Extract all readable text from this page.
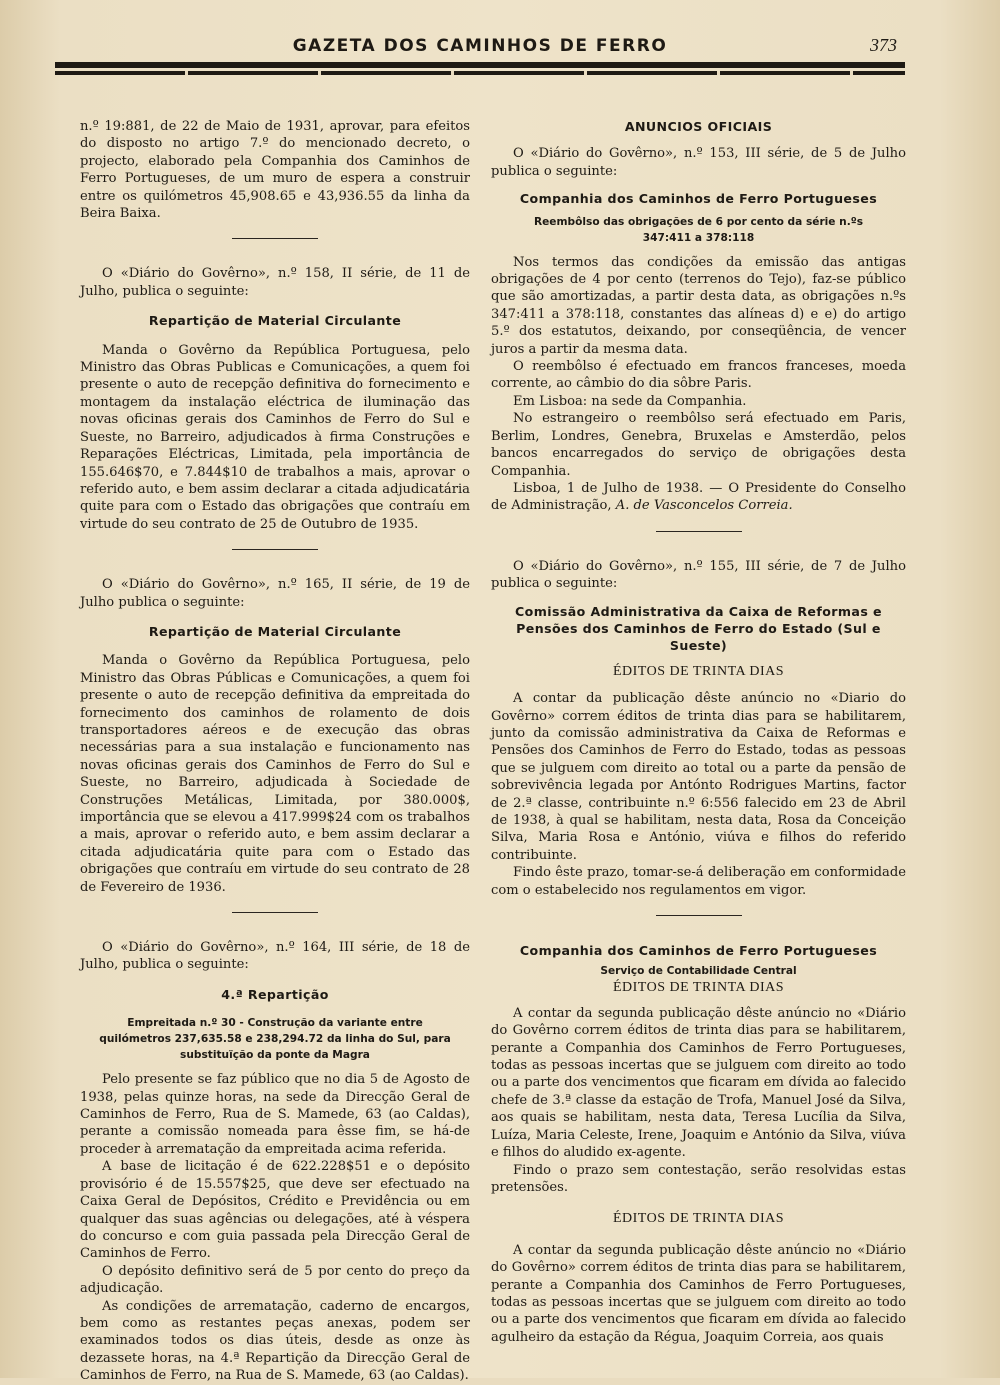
GAZETA DOS CAMINHOS DE FERRO	373

n.º 19:881, de 22 de Maio de 1931, aprovar, para efeitos do disposto no artigo 7.º do mencionado decreto, o projecto, elaborado pela Companhia dos Caminhos de Ferro Portugueses, de um muro de espera a construir entre os quilómetros 45,908.65 e 43,936.55 da linha da Beira Baixa.

O «Diário do Govêrno», n.º 158, II série, de 11 de Julho, publica o seguinte:

Repartição de Material Circulante

Manda o Govêrno da República Portuguesa, pelo Ministro das Obras Publicas e Comunicações, a quem foi presente o auto de recepção definitiva do fornecimento e montagem da instalação eléctrica de iluminação das novas oficinas gerais dos Caminhos de Ferro do Sul e Sueste, no Barreiro, adjudicados à firma Construções e Reparações Eléctricas, Limitada, pela importância de 155.646$70, e 7.844$10 de trabalhos a mais, aprovar o referido auto, e bem assim declarar a citada adjudicatária quite para com o Estado das obrigações que contraíu em virtude do seu contrato de 25 de Outubro de 1935.

O «Diário do Govêrno», n.º 165, II série, de 19 de Julho publica o seguinte:

Repartição de Material Circulante

Manda o Govêrno da República Portuguesa, pelo Ministro das Obras Públicas e Comunicações, a quem foi presente o auto de recepção definitiva da empreitada do fornecimento dos caminhos de rolamento de dois transportadores aéreos e de execução das obras necessárias para a sua instalação e funcionamento nas novas oficinas gerais dos Caminhos de Ferro do Sul e Sueste, no Barreiro, adjudicada à Sociedade de Construções Metálicas, Limitada, por 380.000$, importância que se elevou a 417.999$24 com os trabalhos a mais, aprovar o referido auto, e bem assim declarar a citada adjudicatária quite para com o Estado das obrigações que contraíu em virtude do seu contrato de 28 de Fevereiro de 1936.

O «Diário do Govêrno», n.º 164, III série, de 18 de Julho, publica o seguinte:

4.ª Repartição
Empreitada n.º 30 - Construção da variante entre quilómetros 237,635.58 e 238,294.72 da linha do Sul, para substituïção da ponte da Magra

Pelo presente se faz público que no dia 5 de Agosto de 1938, pelas quinze horas, na sede da Direcção Geral de Caminhos de Ferro, Rua de S. Mamede, 63 (ao Caldas), perante a comissão nomeada para êsse fim, se há-de proceder à arrematação da empreitada acima referida.

A base de licitação é de 622.228$51 e o depósito provisório é de 15.557$25, que deve ser efectuado na Caixa Geral de Depósitos, Crédito e Previdência ou em qualquer das suas agências ou delegações, até à véspera do concurso e com guia passada pela Direcção Geral de Caminhos de Ferro.

O depósito definitivo será de 5 por cento do preço da adjudicação.

As condições de arrematação, caderno de encargos, bem como as restantes peças anexas, podem ser examinados todos os dias úteis, desde as onze às dezassete horas, na 4.ª Repartição da Direcção Geral de Caminhos de Ferro, na Rua de S. Mamede, 63 (ao Caldas).

ANUNCIOS OFICIAIS

O «Diário do Govêrno», n.º 153, III série, de 5 de Julho publica o seguinte:

Companhia dos Caminhos de Ferro Portugueses
Reembôlso das obrigações de 6 por cento da série n.ºs 347:411 a 378:118

Nos termos das condições da emissão das antigas obrigações de 4 por cento (terrenos do Tejo), faz-se público que são amortizadas, a partir desta data, as obrigações n.ºs 347:411 a 378:118, constantes das alíneas d) e e) do artigo 5.º dos estatutos, deixando, por conseqüência, de vencer juros a partir da mesma data.

O reembôlso é efectuado em francos franceses, moeda corrente, ao câmbio do dia sôbre Paris.

Em Lisboa: na sede da Companhia.

No estrangeiro o reembôlso será efectuado em Paris, Berlim, Londres, Genebra, Bruxelas e Amsterdão, pelos bancos encarregados do serviço de obrigações desta Companhia.

Lisboa, 1 de Julho de 1938. — O Presidente do Conselho de Administração, A. de Vasconcelos Correia.

O «Diário do Govêrno», n.º 155, III série, de 7 de Julho publica o seguinte:

Comissão Administrativa da Caixa de Reformas e Pensões dos Caminhos de Ferro do Estado (Sul e Sueste)
ÉDITOS DE TRINTA DIAS

A contar da publicação dêste anúncio no «Diario do Govêrno» correm éditos de trinta dias para se habilitarem, junto da comissão administrativa da Caixa de Reformas e Pensões dos Caminhos de Ferro do Estado, todas as pessoas que se julguem com direito ao total ou a parte da pensão de sobrevivência legada por Antónto Rodrigues Martins, factor de 2.ª classe, contribuinte n.º 6:556 falecido em 23 de Abril de 1938, à qual se habilitam, nesta data, Rosa da Conceição Silva, Maria Rosa e António, viúva e filhos do referido contribuinte.

Findo êste prazo, tomar-se-á deliberação em conformidade com o estabelecido nos regulamentos em vigor.

Companhia dos Caminhos de Ferro Portugueses
Serviço de Contabilidade Central
ÉDITOS DE TRINTA DIAS

A contar da segunda publicação dêste anúncio no «Diário do Govêrno correm éditos de trinta dias para se habilitarem, perante a Companhia dos Caminhos de Ferro Portugueses, todas as pessoas incertas que se julguem com direito ao todo ou a parte dos vencimentos que ficaram em dívida ao falecido chefe de 3.ª classe da estação de Trofa, Manuel José da Silva, aos quais se habilitam, nesta data, Teresa Lucília da Silva, Luíza, Maria Celeste, Irene, Joaquim e António da Silva, viúva e filhos do aludido ex-agente.

Findo o prazo sem contestação, serão resolvidas estas pretensões.

ÉDITOS DE TRINTA DIAS

A contar da segunda publicação dêste anúncio no «Diário do Govêrno» correm éditos de trinta dias para se habilitarem, perante a Companhia dos Caminhos de Ferro Portugueses, todas as pessoas incertas que se julguem com direito ao todo ou a parte dos vencimentos que ficaram em dívida ao falecido agulheiro da estação da Régua, Joaquim Correia, aos quais
